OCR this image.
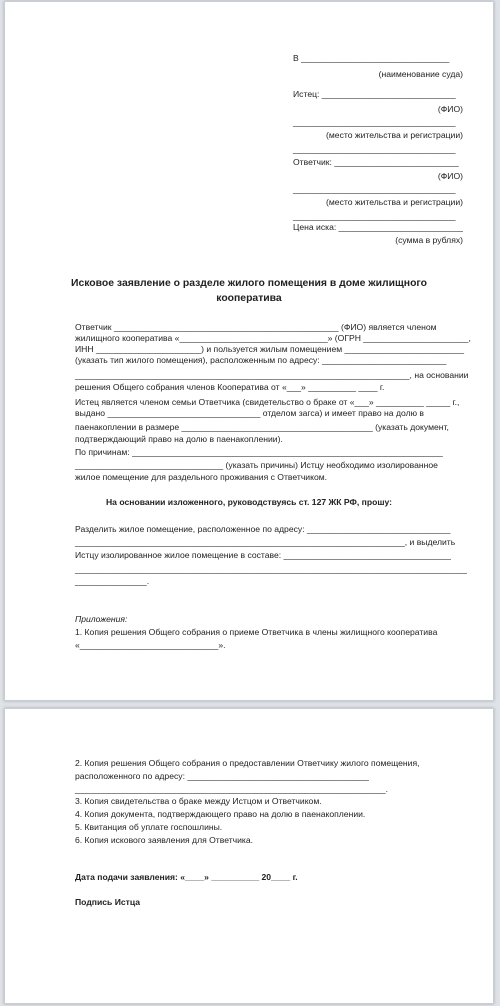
В _______________________________
(наименование суда)
Истец: ____________________________
(ФИО)
__________________________________
(место жительства и регистрации)
__________________________________
Ответчик: __________________________
(ФИО)
__________________________________
(место жительства и регистрации)
__________________________________
Цена иска: __________________________
(сумма в рублях)
Исковое заявление о разделе жилого помещения в доме жилищного
кооператива
Ответчик _______________________________________________ (ФИО) является членом
жилищного кооператива «_______________________________» (ОГРН ______________________,
ИНН ______________________) и пользуется жилым помещением _________________________
(указать тип жилого помещения), расположенным по адресу: __________________________
______________________________________________________________________, на основании
решения Общего собрания членов Кооператива от «___» __________ ____ г.
Истец является членом семьи Ответчика (свидетельство о браке от «___» __________ _____ г.,
выдано ________________________________ отделом загса) и имеет право на долю в
паенакоплении в размере ________________________________________ (указать документ,
подтверждающий право на долю в паенакоплении).
По причинам: _________________________________________________________________
_______________________________ (указать причины) Истцу необходимо изолированное
жилое помещение для раздельного проживания с Ответчиком.
На основании изложенного, руководствуясь ст. 127 ЖК РФ, прошу:
Разделить жилое помещение, расположенное по адресу: ______________________________
_____________________________________________________________________, и выделить
Истцу изолированное жилое помещение в составе: ___________________________________
__________________________________________________________________________________
_______________.
Приложения:
1. Копия решения Общего собрания о приеме Ответчика в члены жилищного кооператива
«_____________________________».
2. Копия решения Общего собрания о предоставлении Ответчику жилого помещения,
расположенного по адресу: ______________________________________
_________________________________________________________________.
3. Копия свидетельства о браке между Истцом и Ответчиком.
4. Копия документа, подтверждающего право на долю в паенакоплении.
5. Квитанция об уплате госпошлины.
6. Копия искового заявления для Ответчика.
Дата подачи заявления: «____» __________ 20____ г.
Подпись Истца
